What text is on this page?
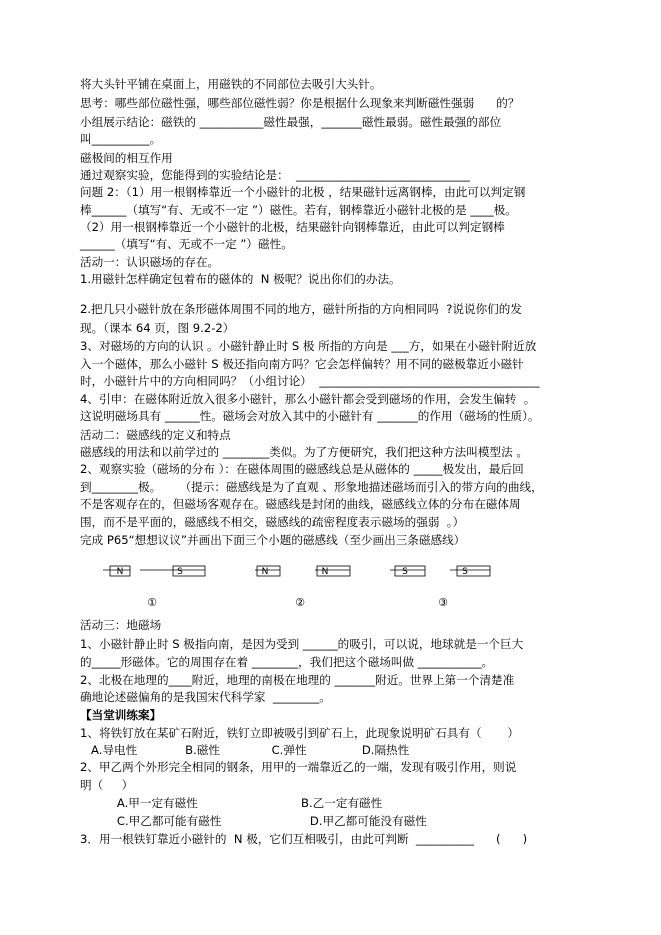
将大头针平铺在桌面上，用磁铁的不同部位去吸引大头针。
思考：哪些部位磁性强，哪些部位磁性弱？你是根据什么现象来判断磁性强弱      的？
小组展示结论：磁铁的 ___________磁性最强，_______磁性最弱。磁性最强的部位
叫__________。
磁极间的相互作用
通过观察实验，您能得到的实验结论是：  ______________________________
问题 2：（1）用一根钢棒靠近一个小磁针的北极 ，结果磁针远离钢棒，由此可以判定钢
棒______（填写“有、无或不一定 ”）磁性。若有，钢棒靠近小磁针北极的是 ____极。
（2）用一根钢棒靠近一个小磁针的北极，结果磁针向钢棒靠近，由此可以判定钢棒
______（填写“有、无或不一定 ”）磁性。
活动一：认识磁场的存在。
1.用磁针怎样确定包着布的磁体的  N 极呢？说出你们的办法。
2.把几只小磁针放在条形磁体周围不同的地方，磁针所指的方向相同吗  ?说说你们的发
现。（课本 64 页，图 9.2-2）
3、对磁场的方向的认识 。小磁针静止时 S 极 所指的方向是 ___方，如果在小磁针附近放
入一个磁体，那么小磁针 S 极还指向南方吗？它会怎样偏转？用不同的磁极靠近小磁针
时，小磁针片中的方向相同吗？（小组讨论）  ______________________________________
4、引申：在磁体附近放入很多小磁针，那么小磁针都会受到磁场的作用，会发生偏转  。
这说明磁场具有 ______性。磁场会对放入其中的小磁针有 _______的作用（磁场的性质）。
活动二：磁感线的定义和特点
磁感线的用法和以前学过的 ________类似。为了方便研究，我们把这种方法叫模型法 。
2、观察实验（磁场的分布 ）：在磁体周围的磁感线总是从磁体的 _____极发出，最后回
到________极。     （提示：磁感线是为了直观 、形象地描述磁场而引入的带方向的曲线，
不是客观存在的，但磁场客观存在。磁感线是封闭的曲线，磁感线立体的分布在磁体周
围，而不是平面的，磁感线不相交，磁感线的疏密程度表示磁场的强弱  。）
完成 P65“想想议议”并画出下面三个小题的磁感线（至少画出三条磁感线）
N	S
①
N	N
②
S	S
③
活动三：地磁场
1、小磁针静止时 S 极指向南，是因为受到 ______的吸引，可以说，地球就是一个巨大
的_____形磁体。它的周围存在着 ________，我们把这个磁场叫做 ___________。
2、北极在地理的____附近，地理的南极在地理的 _______附近。世界上第一个清楚准
确地论述磁偏角的是我国宋代科学家  ________。
【当堂训练案】
1、将铁钉放在某矿石附近，铁钉立即被吸引到矿石上，此现象说明矿石具有（       ）
A.导电性             B.磁性              C.弹性               D.隔热性
2、甲乙两个外形完全相同的钢条，用甲的一端靠近乙的一端，发现有吸引作用，则说
明（     ）
A.甲一定有磁性                            B.乙一定有磁性
C.甲乙都可能有磁性                        D.甲乙都可能没有磁性
3．用一根铁钉靠近小磁针的  N 极，它们互相吸引，由此可判断  __________      (      )
